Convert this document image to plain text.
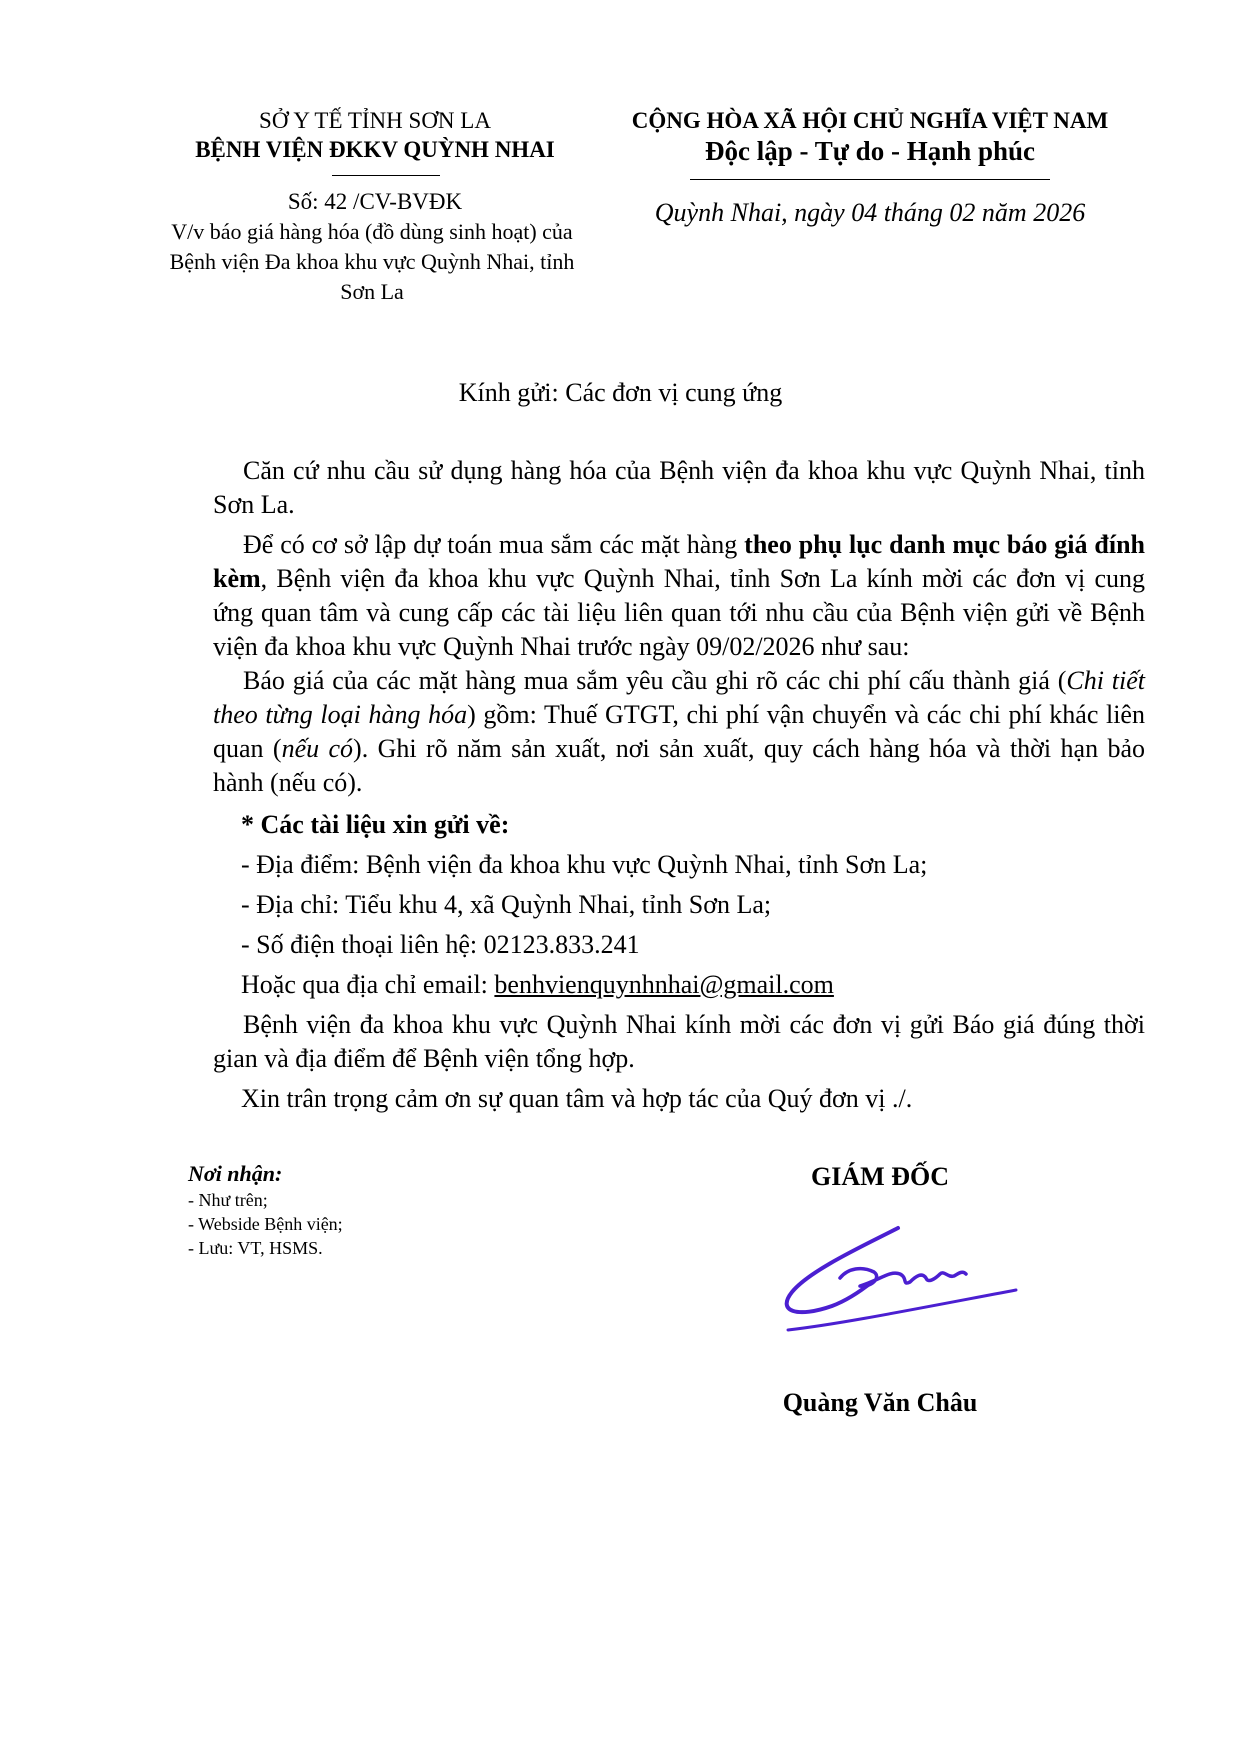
SỞ Y TẾ TỈNH SƠN LA
BỆNH VIỆN ĐKKV QUỲNH NHAI
Số: 42 /CV-BVĐK
V/v báo giá hàng hóa (đồ dùng sinh hoạt) của Bệnh viện Đa khoa khu vực Quỳnh Nhai, tỉnh Sơn La
CỘNG HÒA XÃ HỘI CHỦ NGHĨA VIỆT NAM
Độc lập - Tự do - Hạnh phúc
Quỳnh Nhai, ngày 04 tháng 02 năm 2026
Kính gửi: Các đơn vị cung ứng
Căn cứ nhu cầu sử dụng hàng hóa của Bệnh viện đa khoa khu vực Quỳnh Nhai, tỉnh Sơn La.
Để có cơ sở lập dự toán mua sắm các mặt hàng theo phụ lục danh mục báo giá đính kèm, Bệnh viện đa khoa khu vực Quỳnh Nhai, tỉnh Sơn La kính mời các đơn vị cung ứng quan tâm và cung cấp các tài liệu liên quan tới nhu cầu của Bệnh viện gửi về Bệnh viện đa khoa khu vực Quỳnh Nhai trước ngày 09/02/2026 như sau:
Báo giá của các mặt hàng mua sắm yêu cầu ghi rõ các chi phí cấu thành giá (Chi tiết theo từng loại hàng hóa) gồm: Thuế GTGT, chi phí vận chuyển và các chi phí khác liên quan (nếu có). Ghi rõ năm sản xuất, nơi sản xuất, quy cách hàng hóa và thời hạn bảo hành (nếu có).
* Các tài liệu xin gửi về:
- Địa điểm: Bệnh viện đa khoa khu vực Quỳnh Nhai, tỉnh Sơn La;
- Địa chỉ: Tiểu khu 4, xã Quỳnh Nhai, tỉnh Sơn La;
- Số điện thoại liên hệ: 02123.833.241
Hoặc qua địa chỉ email: benhvienquynhnhai@gmail.com
Bệnh viện đa khoa khu vực Quỳnh Nhai kính mời các đơn vị gửi Báo giá đúng thời gian và địa điểm để Bệnh viện tổng hợp.
Xin trân trọng cảm ơn sự quan tâm và hợp tác của Quý đơn vị ./.
Nơi nhận:
- Như trên;
- Webside Bệnh viện;
- Lưu: VT, HSMS.
GIÁM ĐỐC
Quàng Văn Châu
